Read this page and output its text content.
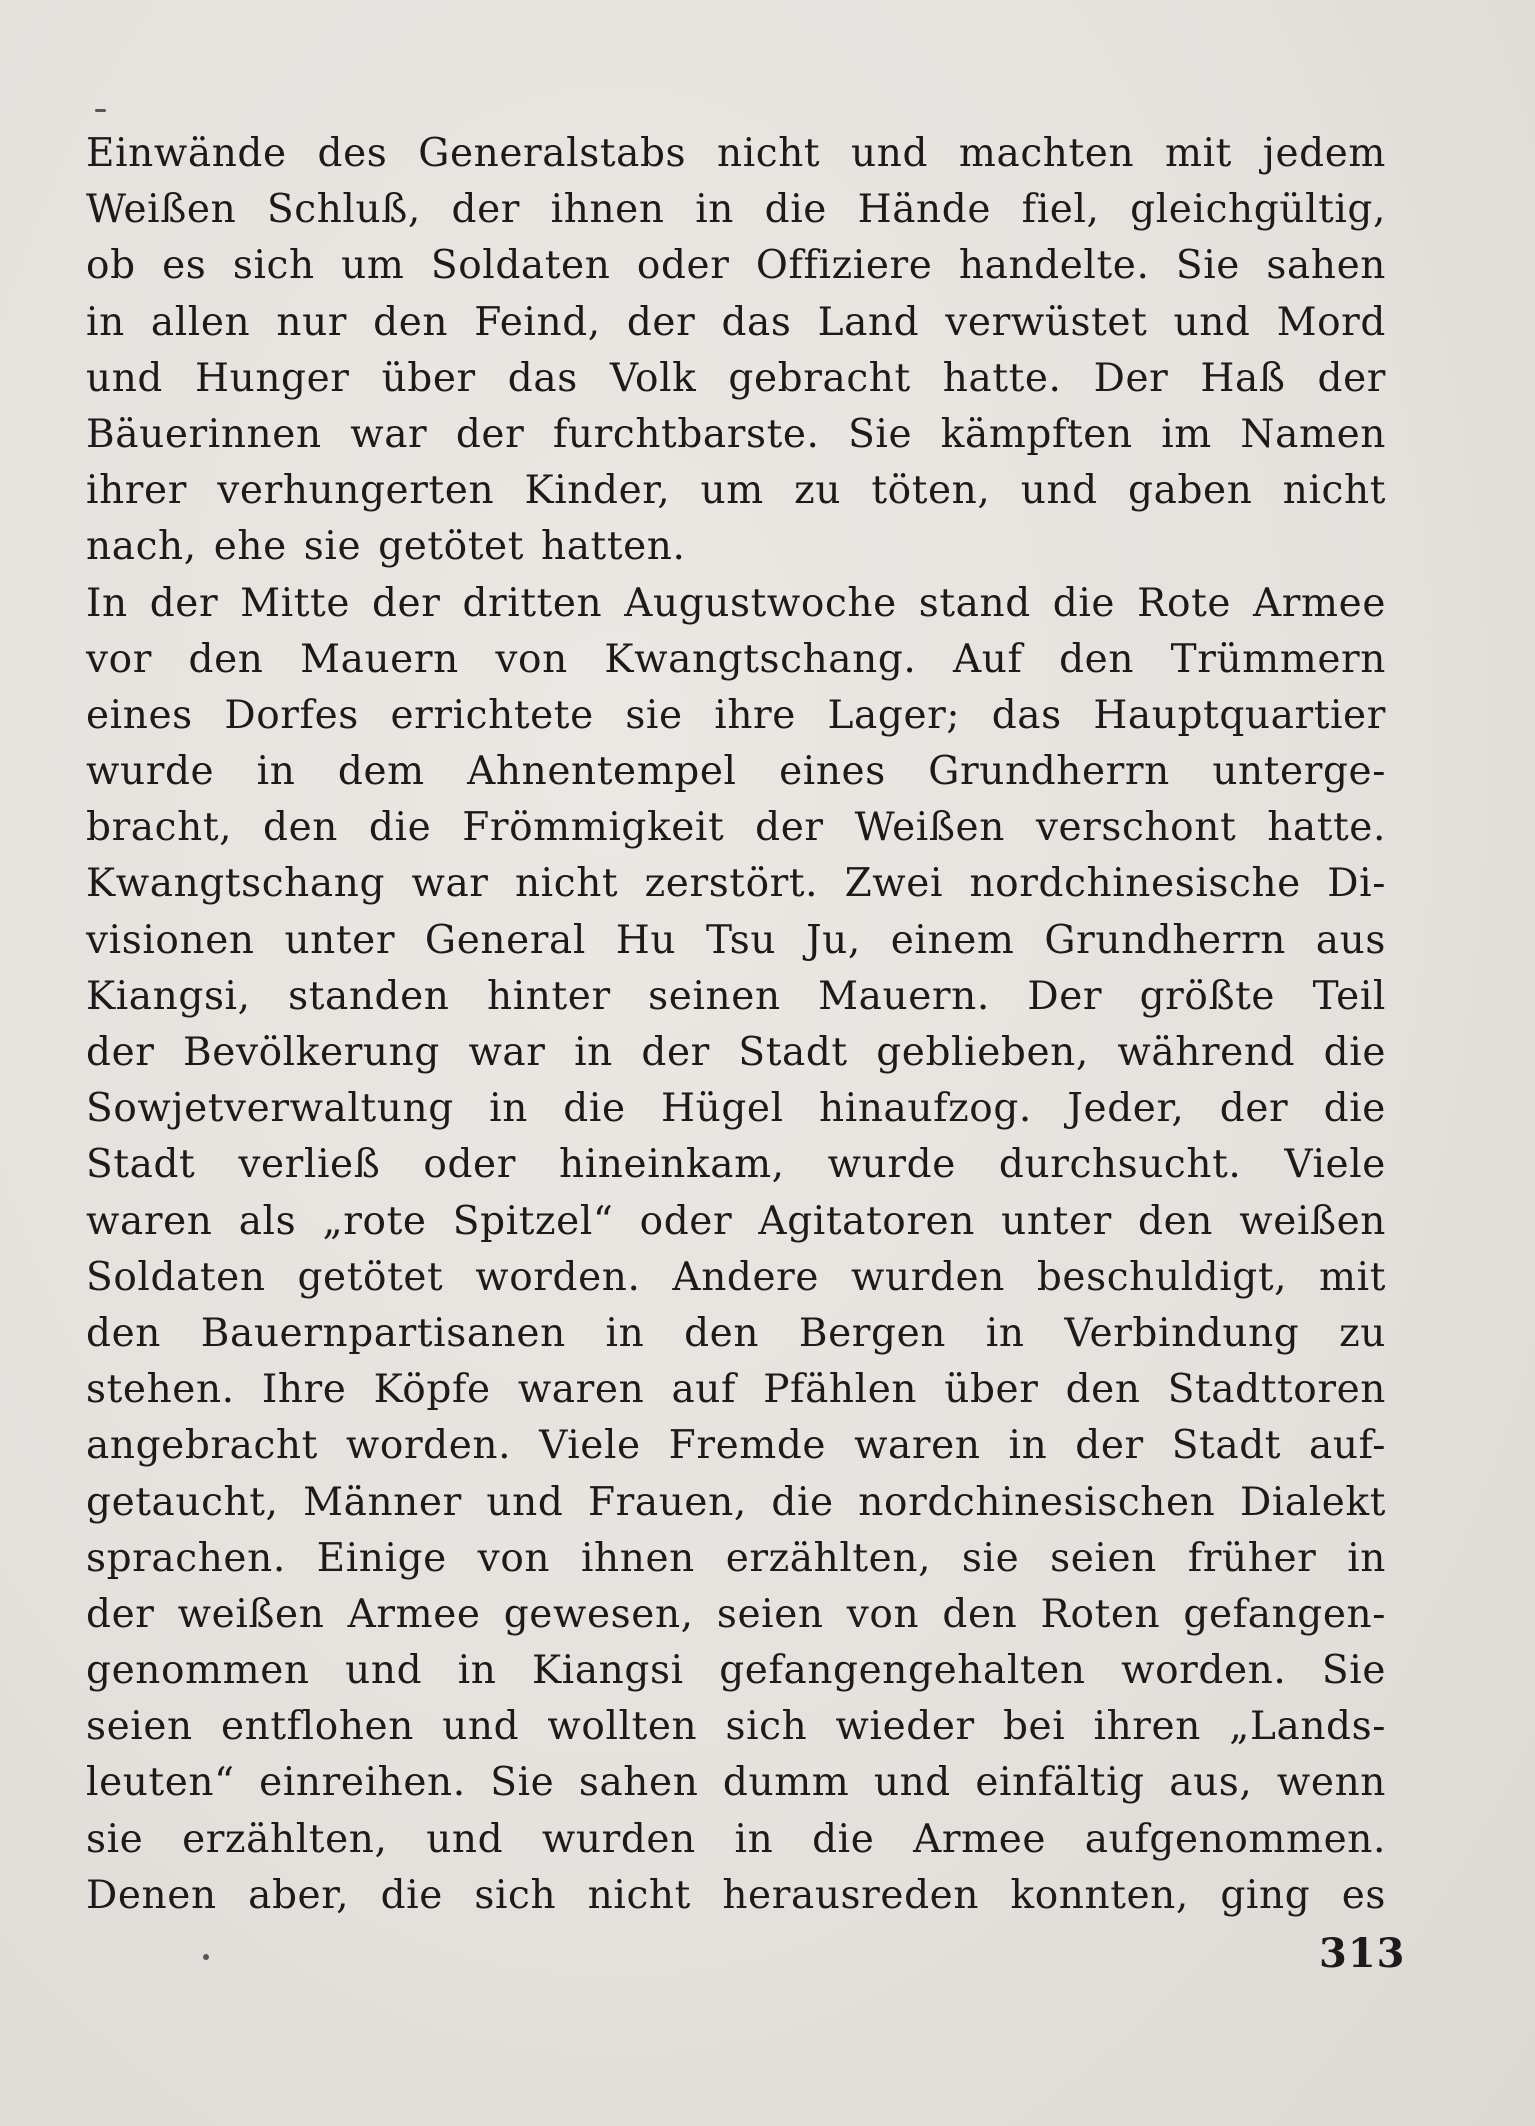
Einwände des Generalstabs nicht und machten mit jedem
Weißen Schluß, der ihnen in die Hände fiel, gleichgültig,
ob es sich um Soldaten oder Offiziere handelte. Sie sahen
in allen nur den Feind, der das Land verwüstet und Mord
und Hunger über das Volk gebracht hatte. Der Haß der
Bäuerinnen war der furchtbarste. Sie kämpften im Namen
ihrer verhungerten Kinder, um zu töten, und gaben nicht
nach, ehe sie getötet hatten.
In der Mitte der dritten Augustwoche stand die Rote Armee
vor den Mauern von Kwangtschang. Auf den Trümmern
eines Dorfes errichtete sie ihre Lager; das Hauptquartier
wurde in dem Ahnentempel eines Grundherrn unterge-
bracht, den die Frömmigkeit der Weißen verschont hatte.
Kwangtschang war nicht zerstört. Zwei nordchinesische Di-
visionen unter General Hu Tsu Ju, einem Grundherrn aus
Kiangsi, standen hinter seinen Mauern. Der größte Teil
der Bevölkerung war in der Stadt geblieben, während die
Sowjetverwaltung in die Hügel hinaufzog. Jeder, der die
Stadt verließ oder hineinkam, wurde durchsucht. Viele
waren als „rote Spitzel“ oder Agitatoren unter den weißen
Soldaten getötet worden. Andere wurden beschuldigt, mit
den Bauernpartisanen in den Bergen in Verbindung zu
stehen. Ihre Köpfe waren auf Pfählen über den Stadttoren
angebracht worden. Viele Fremde waren in der Stadt auf-
getaucht, Männer und Frauen, die nordchinesischen Dialekt
sprachen. Einige von ihnen erzählten, sie seien früher in
der weißen Armee gewesen, seien von den Roten gefangen-
genommen und in Kiangsi gefangengehalten worden. Sie
seien entflohen und wollten sich wieder bei ihren „Lands-
leuten“ einreihen. Sie sahen dumm und einfältig aus, wenn
sie erzählten, und wurden in die Armee aufgenommen.
Denen aber, die sich nicht herausreden konnten, ging es
313
